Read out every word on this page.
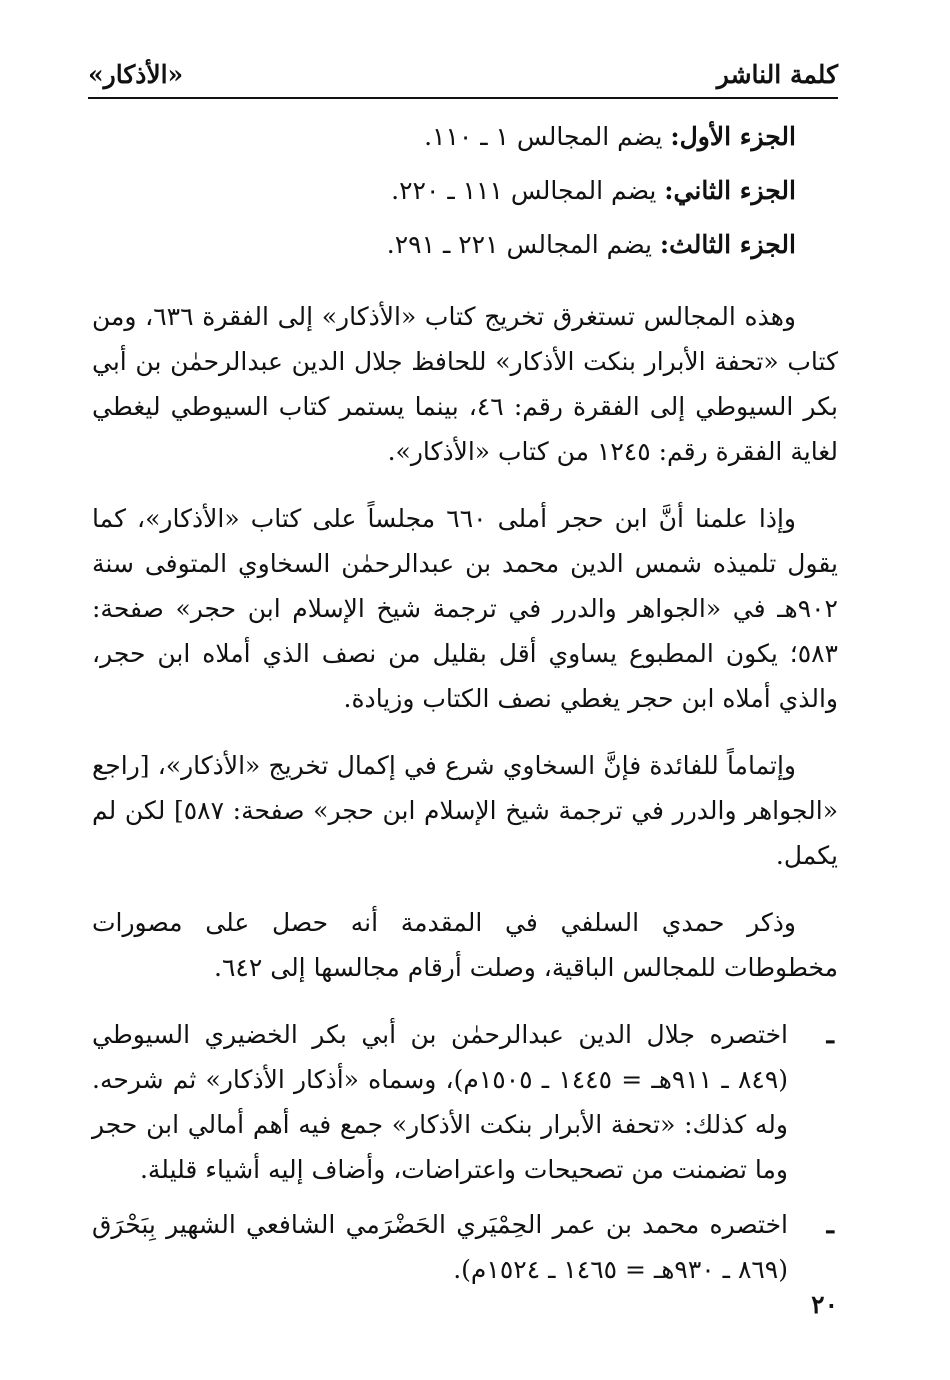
كلمة الناشر
«الأذكار»
الجزء الأول: يضم المجالس ١ ـ ١١٠.
الجزء الثاني: يضم المجالس ١١١ ـ ٢٢٠.
الجزء الثالث: يضم المجالس ٢٢١ ـ ٢٩١.

وهذه المجالس تستغرق تخريج كتاب «الأذكار» إلى الفقرة ٦٣٦، ومن كتاب «تحفة الأبرار بنكت الأذكار» للحافظ جلال الدين عبدالرحمٰن بن أبي بكر السيوطي إلى الفقرة رقم: ٤٦، بينما يستمر كتاب السيوطي ليغطي لغاية الفقرة رقم: ١٢٤٥ من كتاب «الأذكار».

وإذا علمنا أنَّ ابن حجر أملى ٦٦٠ مجلساً على كتاب «الأذكار»، كما يقول تلميذه شمس الدين محمد بن عبدالرحمٰن السخاوي المتوفى سنة ٩٠٢هـ في «الجواهر والدرر في ترجمة شيخ الإسلام ابن حجر» صفحة: ٥٨٣؛ يكون المطبوع يساوي أقل بقليل من نصف الذي أملاه ابن حجر، والذي أملاه ابن حجر يغطي نصف الكتاب وزيادة.

وإتماماً للفائدة فإنَّ السخاوي شرع في إكمال تخريج «الأذكار»، [راجع «الجواهر والدرر في ترجمة شيخ الإسلام ابن حجر» صفحة: ٥٨٧] لكن لم يكمل.

وذكر حمدي السلفي في المقدمة أنه حصل على مصورات مخطوطات للمجالس الباقية، وصلت أرقام مجالسها إلى ٦٤٢.

ـ
اختصره جلال الدين عبدالرحمٰن بن أبي بكر الخضيري السيوطي (٨٤٩ ـ ٩١١هـ = ١٤٤٥ ـ ١٥٠٥م)، وسماه «أذكار الأذكار» ثم شرحه. وله كذلك: «تحفة الأبرار بنكت الأذكار» جمع فيه أهم أمالي ابن حجر وما تضمنت من تصحيحات واعتراضات، وأضاف إليه أشياء قليلة.
ـ
اختصره محمد بن عمر الحِمْيَري الحَضْرَمي الشافعي الشهير بِبَحْرَق (٨٦٩ ـ ٩٣٠هـ = ١٤٦٥ ـ ١٥٢٤م).
٢٠
